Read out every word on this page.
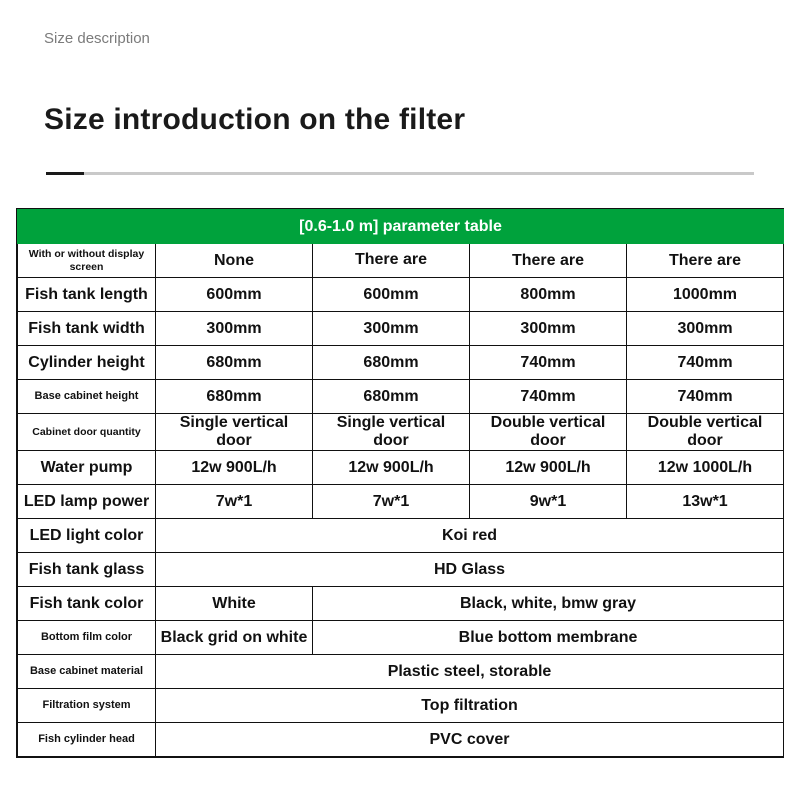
Size description
Size introduction on the filter
[0.6-1.0 m] parameter table				
With or without display screen	None	There are	There are	There are
Fish tank length	600mm	600mm	800mm	1000mm
Fish tank width	300mm	300mm	300mm	300mm
Cylinder height	680mm	680mm	740mm	740mm
Base cabinet height	680mm	680mm	740mm	740mm
Cabinet door quantity	Single vertical door	Single vertical door	Double vertical door	Double vertical door
Water pump	12w 900L/h	12w 900L/h	12w 900L/h	12w 1000L/h
LED lamp power	7w*1	7w*1	9w*1	13w*1
LED light color	Koi red			
Fish tank glass	HD Glass			
Fish tank color	White	Black, white, bmw gray		
Bottom film color	Black grid on white	Blue bottom membrane		
Base cabinet material	Plastic steel, storable			
Filtration system	Top filtration			
Fish cylinder head	PVC cover			
